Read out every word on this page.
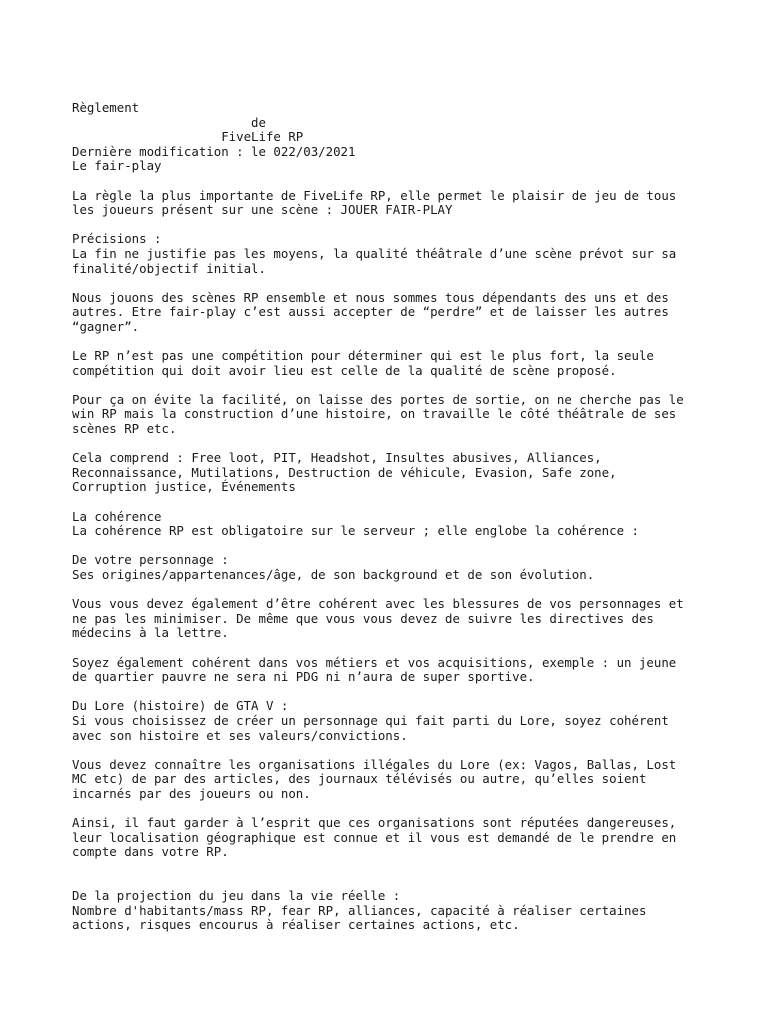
Règlement
de
FiveLife RP
Dernière modification : le 022/03/2021
Le fair-play
La règle la plus importante de FiveLife RP, elle permet le plaisir de jeu de tous
les joueurs présent sur une scène : JOUER FAIR-PLAY
Précisions :
La fin ne justifie pas les moyens, la qualité théâtrale d’une scène prévot sur sa
finalité/objectif initial.
Nous jouons des scènes RP ensemble et nous sommes tous dépendants des uns et des
autres. Etre fair-play c’est aussi accepter de “perdre” et de laisser les autres
“gagner”.
Le RP n’est pas une compétition pour déterminer qui est le plus fort, la seule
compétition qui doit avoir lieu est celle de la qualité de scène proposé.
Pour ça on évite la facilité, on laisse des portes de sortie, on ne cherche pas le
win RP mais la construction d’une histoire, on travaille le côté théâtrale de ses
scènes RP etc.
Cela comprend : Free loot, PIT, Headshot, Insultes abusives, Alliances,
Reconnaissance, Mutilations, Destruction de véhicule, Evasion, Safe zone,
Corruption justice, Événements
La cohérence
La cohérence RP est obligatoire sur le serveur ; elle englobe la cohérence :
De votre personnage :
Ses origines/appartenances/âge, de son background et de son évolution.
Vous vous devez également d’être cohérent avec les blessures de vos personnages et
ne pas les minimiser. De même que vous vous devez de suivre les directives des
médecins à la lettre.
Soyez également cohérent dans vos métiers et vos acquisitions, exemple : un jeune
de quartier pauvre ne sera ni PDG ni n’aura de super sportive.
Du Lore (histoire) de GTA V :
Si vous choisissez de créer un personnage qui fait parti du Lore, soyez cohérent
avec son histoire et ses valeurs/convictions.
Vous devez connaître les organisations illégales du Lore (ex: Vagos, Ballas, Lost
MC etc) de par des articles, des journaux télévisés ou autre, qu’elles soient
incarnés par des joueurs ou non.
Ainsi, il faut garder à l’esprit que ces organisations sont réputées dangereuses,
leur localisation géographique est connue et il vous est demandé de le prendre en
compte dans votre RP.
De la projection du jeu dans la vie réelle :
Nombre d'habitants/mass RP, fear RP, alliances, capacité à réaliser certaines
actions, risques encourus à réaliser certaines actions, etc.
